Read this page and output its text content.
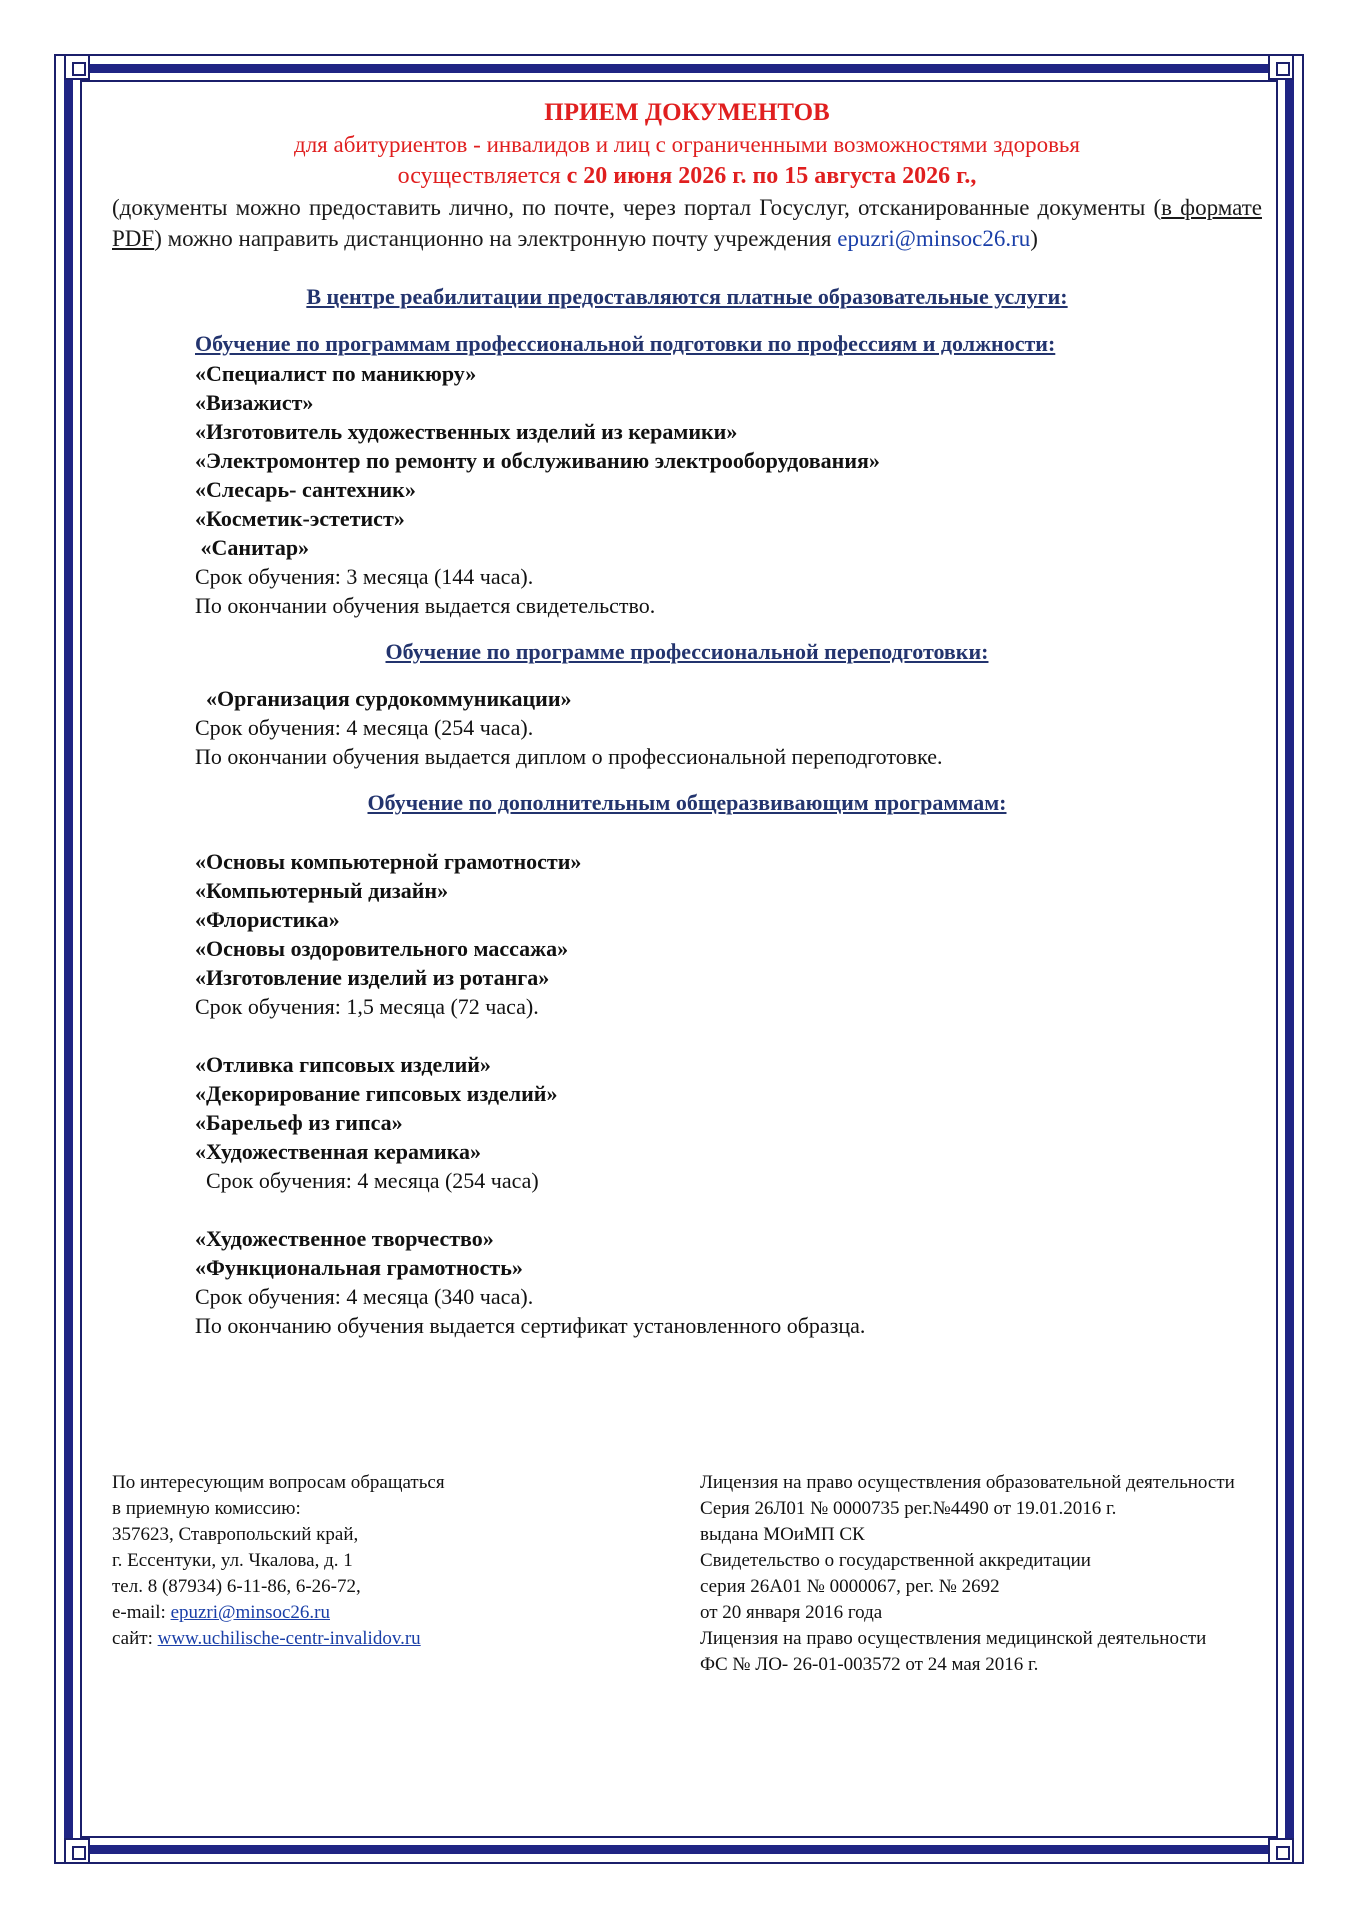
ПРИЕМ ДОКУМЕНТОВ
для абитуриентов - инвалидов и лиц с ограниченными возможностями здоровья
осуществляется с 20 июня 2026 г. по 15 августа 2026 г.,
(документы можно предоставить лично, по почте, через портал Госуслуг, отсканированные документы (в формате PDF) можно направить дистанционно на электронную почту учреждения epuzri@minsoc26.ru)
В центре реабилитации предоставляются платные образовательные услуги:
Обучение по программам профессиональной подготовки по профессиям и должности:
«Специалист по маникюру»
«Визажист»
«Изготовитель художественных изделий из керамики»
«Электромонтер по ремонту и обслуживанию электрооборудования»
«Слесарь- сантехник»
«Косметик-эстетист»
«Санитар»
Срок обучения: 3 месяца (144 часа).
По окончании обучения выдается свидетельство.
Обучение по программе профессиональной переподготовки:
«Организация сурдокоммуникации»
Срок обучения: 4 месяца (254 часа).
По окончании обучения выдается диплом о профессиональной переподготовке.
Обучение по дополнительным общеразвивающим программам:
«Основы компьютерной грамотности»
«Компьютерный дизайн»
«Флористика»
«Основы оздоровительного массажа»
«Изготовление изделий из ротанга»
Срок обучения: 1,5 месяца (72 часа).
«Отливка гипсовых изделий»
«Декорирование гипсовых изделий»
«Барельеф из гипса»
«Художественная керамика»
Срок обучения: 4 месяца (254 часа)
«Художественное творчество»
«Функциональная грамотность»
Срок обучения: 4 месяца (340 часа).
По окончанию обучения выдается сертификат установленного образца.
По интересующим вопросам обращаться
в приемную комиссию:
357623, Ставропольский край,
г. Ессентуки, ул. Чкалова, д. 1
тел. 8 (87934) 6-11-86, 6-26-72,
e-mail: epuzri@minsoc26.ru
сайт: www.uchilische-centr-invalidov.ru
Лицензия на право осуществления образовательной деятельности
Серия 26Л01 № 0000735 рег.№4490 от 19.01.2016 г.
выдана МОиМП СК
Свидетельство о государственной аккредитации
серия 26А01 № 0000067, рег. № 2692
от 20 января 2016 года
Лицензия на право осуществления медицинской деятельности
ФС № ЛО- 26-01-003572 от 24 мая 2016 г.
